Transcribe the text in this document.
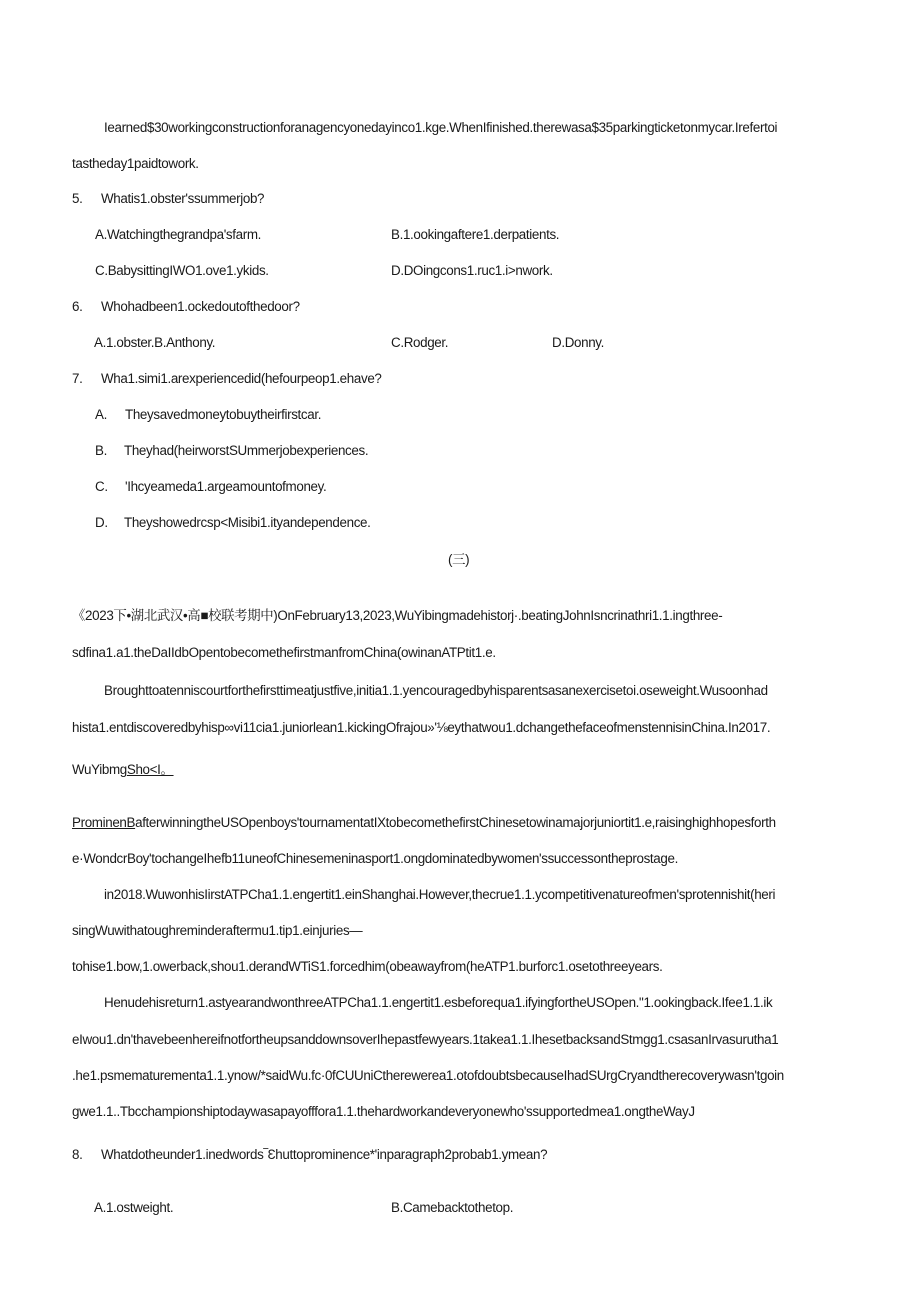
Iearned$30workingconstructionforanagencyonedayinco1.kge.WhenIfinished.therewasa$35parkingticketonmycar.Irefertoi
tastheday1paidtowork.
5. Whatis1.obster'ssummerjob?
A.Watchingthegrandpa'sfarm.	B.1.ookingaftere1.derpatients.
C.BabysittingIWO1.ove1.ykids.	D.DOingcons1.ruc1.i>nwork.
6. Whohadbeen1.ockedoutofthedoor?
A.1.obster.B.Anthony.	C.Rodger.	D.Donny.
7. Wha1.simi1.arexperiencedid(hefourpeop1.ehave?
A. Theysavedmoneytobuytheirfirstcar.
B. Theyhad(heirworstSUmmerjobexperiences.
C. 'Ihcyeameda1.argeamountofmoney.
D. Theyshowedrcsp<Misibi1.ityandependence.
(三)
《2023下•湖北武汉•高■校联考期中)OnFebruary13,2023,WuYibingmadehistorj·.beatingJohnIsncrinathri1.1.ingthree-
sdfina1.a1.theDaIIdbOpentobecomethefirstmanfromChina(owinanATPtit1.e.
Broughttoatenniscourtforthefirsttimeatjustfive,initia1.1.yencouragedbyhisparentsasanexercisetoi.oseweight.Wusoonhad
hista1.entdiscoveredbyhisp∞vi11cia1.juniorlean1.kickingOfrajou»'⅛eythatwou1.dchangethefaceofmenstennisinChina.In2017.
WuYibmgSho<I。
ProminenBafterwinningtheUSOpenboys'tournamentatIXtobecomethefirstChinesetowinamajorjuniortit1.e,raisinghighhopesforth
e·WondcrBoy'tochangeIhefb11uneofChinesemeninasport1.ongdominatedbywomen'ssuccessontheprostage.
in2018.WuwonhisIirstATPCha1.1.engertit1.einShanghai.However,thecrue1.1.ycompetitivenatureofmen'sprotennishit(heri
singWuwithatoughreminderaftermu1.tip1.einjuries—
tohise1.bow,1.owerback,shou1.derandWTiS1.forcedhim(obeawayfrom(heATP1.burforc1.osetothreeyears.
Henudehisreturn1.astyearandwonthreeATPCha1.1.engertit1.esbeforequa1.ifyingfortheUSOpen."1.ookingback.Ifee1.1.ik
eIwou1.dn'thavebeenhereifnotfortheupsanddownsoverIhepastfewyears.1takea1.1.IhesetbacksandStmgg1.csasanIrvasurutha1
.he1.psmematurementa1.1.ynow/*saidWu.fc·0fCUUniCtherewerea1.otofdoubtsbecauseIhadSUrgCryandtherecoverywasn'tgoin
gwe1.1..Tbcchampionshiptodaywasapayofffora1.1.thehardworkandeveryonewho'ssupportedmea1.ongtheWayJ
8. Whatdotheunder1.inedwords‾Ɛhuttoprominence*'inparagraph2probab1.ymean?
A.1.ostweight.	B.Camebacktothetop.
